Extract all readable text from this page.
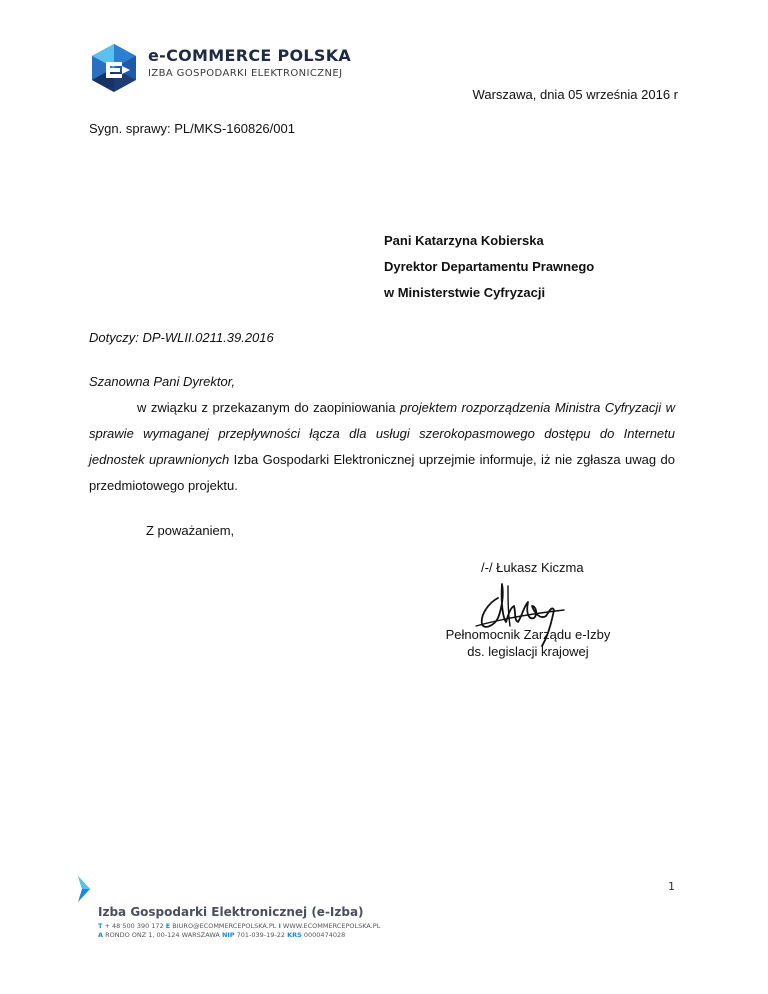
e-COMMERCE POLSKA
IZBA GOSPODARKI ELEKTRONICZNEJ
Warszawa, dnia 05 września 2016 r
Sygn. sprawy: PL/MKS-160826/001
Pani Katarzyna Kobierska
Dyrektor Departamentu Prawnego
w Ministerstwie Cyfryzacji
Dotyczy: DP-WLII.0211.39.2016
Szanowna Pani Dyrektor,
w związku z przekazanym do zaopiniowania projektem rozporządzenia Ministra Cyfryzacji w sprawie wymaganej przepływności łącza dla usługi szerokopasmowego dostępu do Internetu jednostek uprawnionych Izba Gospodarki Elektronicznej uprzejmie informuje, iż nie zgłasza uwag do przedmiotowego projektu.
Z poważaniem,
/-/ Łukasz Kiczma
Pełnomocnik Zarządu e-Izby
ds. legislacji krajowej
1
Izba Gospodarki Elektronicznej (e-Izba)
T + 48 500 390 172 E BIURO@ECOMMERCEPOLSKA.PL I WWW.ECOMMERCEPOLSKA.PL
A RONDO ONZ 1, 00-124 WARSZAWA NIP 701-039-19-22 KRS 0000474028
